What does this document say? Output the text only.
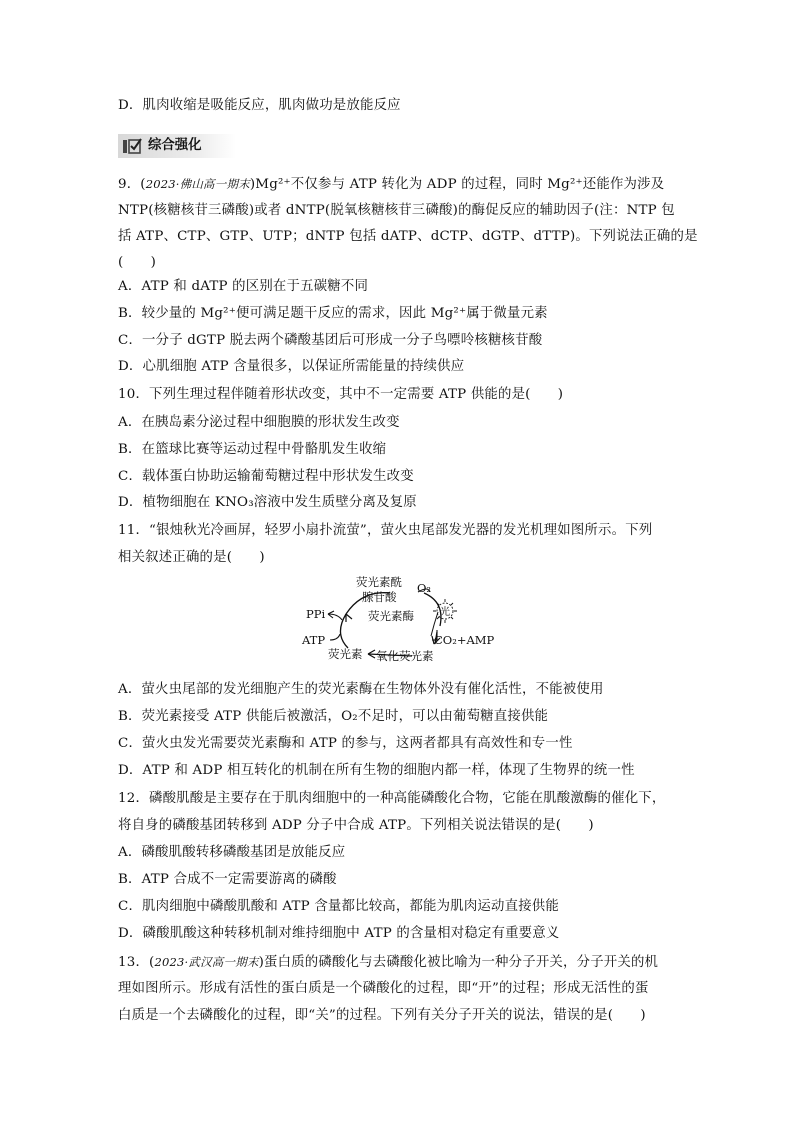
D．肌肉收缩是吸能反应，肌肉做功是放能反应
综合强化
9．(2023·佛山高一期末)Mg²⁺不仅参与 ATP 转化为 ADP 的过程，同时 Mg²⁺还能作为涉及
NTP(核糖核苷三磷酸)或者 dNTP(脱氧核糖核苷三磷酸)的酶促反应的辅助因子(注：NTP 包
括 ATP、CTP、GTP、UTP；dNTP 包括 dATP、dCTP、dGTP、dTTP)。下列说法正确的是
(　　)
A．ATP 和 dATP 的区别在于五碳糖不同
B．较少量的 Mg²⁺便可满足题干反应的需求，因此 Mg²⁺属于微量元素
C．一分子 dGTP 脱去两个磷酸基团后可形成一分子鸟嘌呤核糖核苷酸
D．心肌细胞 ATP 含量很多，以保证所需能量的持续供应
10．下列生理过程伴随着形状改变，其中不一定需要 ATP 供能的是(　　)
A．在胰岛素分泌过程中细胞膜的形状发生改变
B．在篮球比赛等运动过程中骨骼肌发生收缩
C．载体蛋白协助运输葡萄糖过程中形状发生改变
D．植物细胞在 KNO₃溶液中发生质壁分离及复原
11．“银烛秋光冷画屏，轻罗小扇扑流萤”，萤火虫尾部发光器的发光机理如图所示。下列
相关叙述正确的是(　　)
荧光素酰
腺苷酸
荧光素酶
O₂
光
PPi
ATP
荧光素 氧化荧光素
CO₂+AMP
A．萤火虫尾部的发光细胞产生的荧光素酶在生物体外没有催化活性，不能被使用
B．荧光素接受 ATP 供能后被激活，O₂不足时，可以由葡萄糖直接供能
C．萤火虫发光需要荧光素酶和 ATP 的参与，这两者都具有高效性和专一性
D．ATP 和 ADP 相互转化的机制在所有生物的细胞内都一样，体现了生物界的统一性
12．磷酸肌酸是主要存在于肌肉细胞中的一种高能磷酸化合物，它能在肌酸激酶的催化下，
将自身的磷酸基团转移到 ADP 分子中合成 ATP。下列相关说法错误的是(　　)
A．磷酸肌酸转移磷酸基团是放能反应
B．ATP 合成不一定需要游离的磷酸
C．肌肉细胞中磷酸肌酸和 ATP 含量都比较高，都能为肌肉运动直接供能
D．磷酸肌酸这种转移机制对维持细胞中 ATP 的含量相对稳定有重要意义
13．(2023·武汉高一期末)蛋白质的磷酸化与去磷酸化被比喻为一种分子开关，分子开关的机
理如图所示。形成有活性的蛋白质是一个磷酸化的过程，即“开”的过程；形成无活性的蛋
白质是一个去磷酸化的过程，即“关”的过程。下列有关分子开关的说法，错误的是(　　)
